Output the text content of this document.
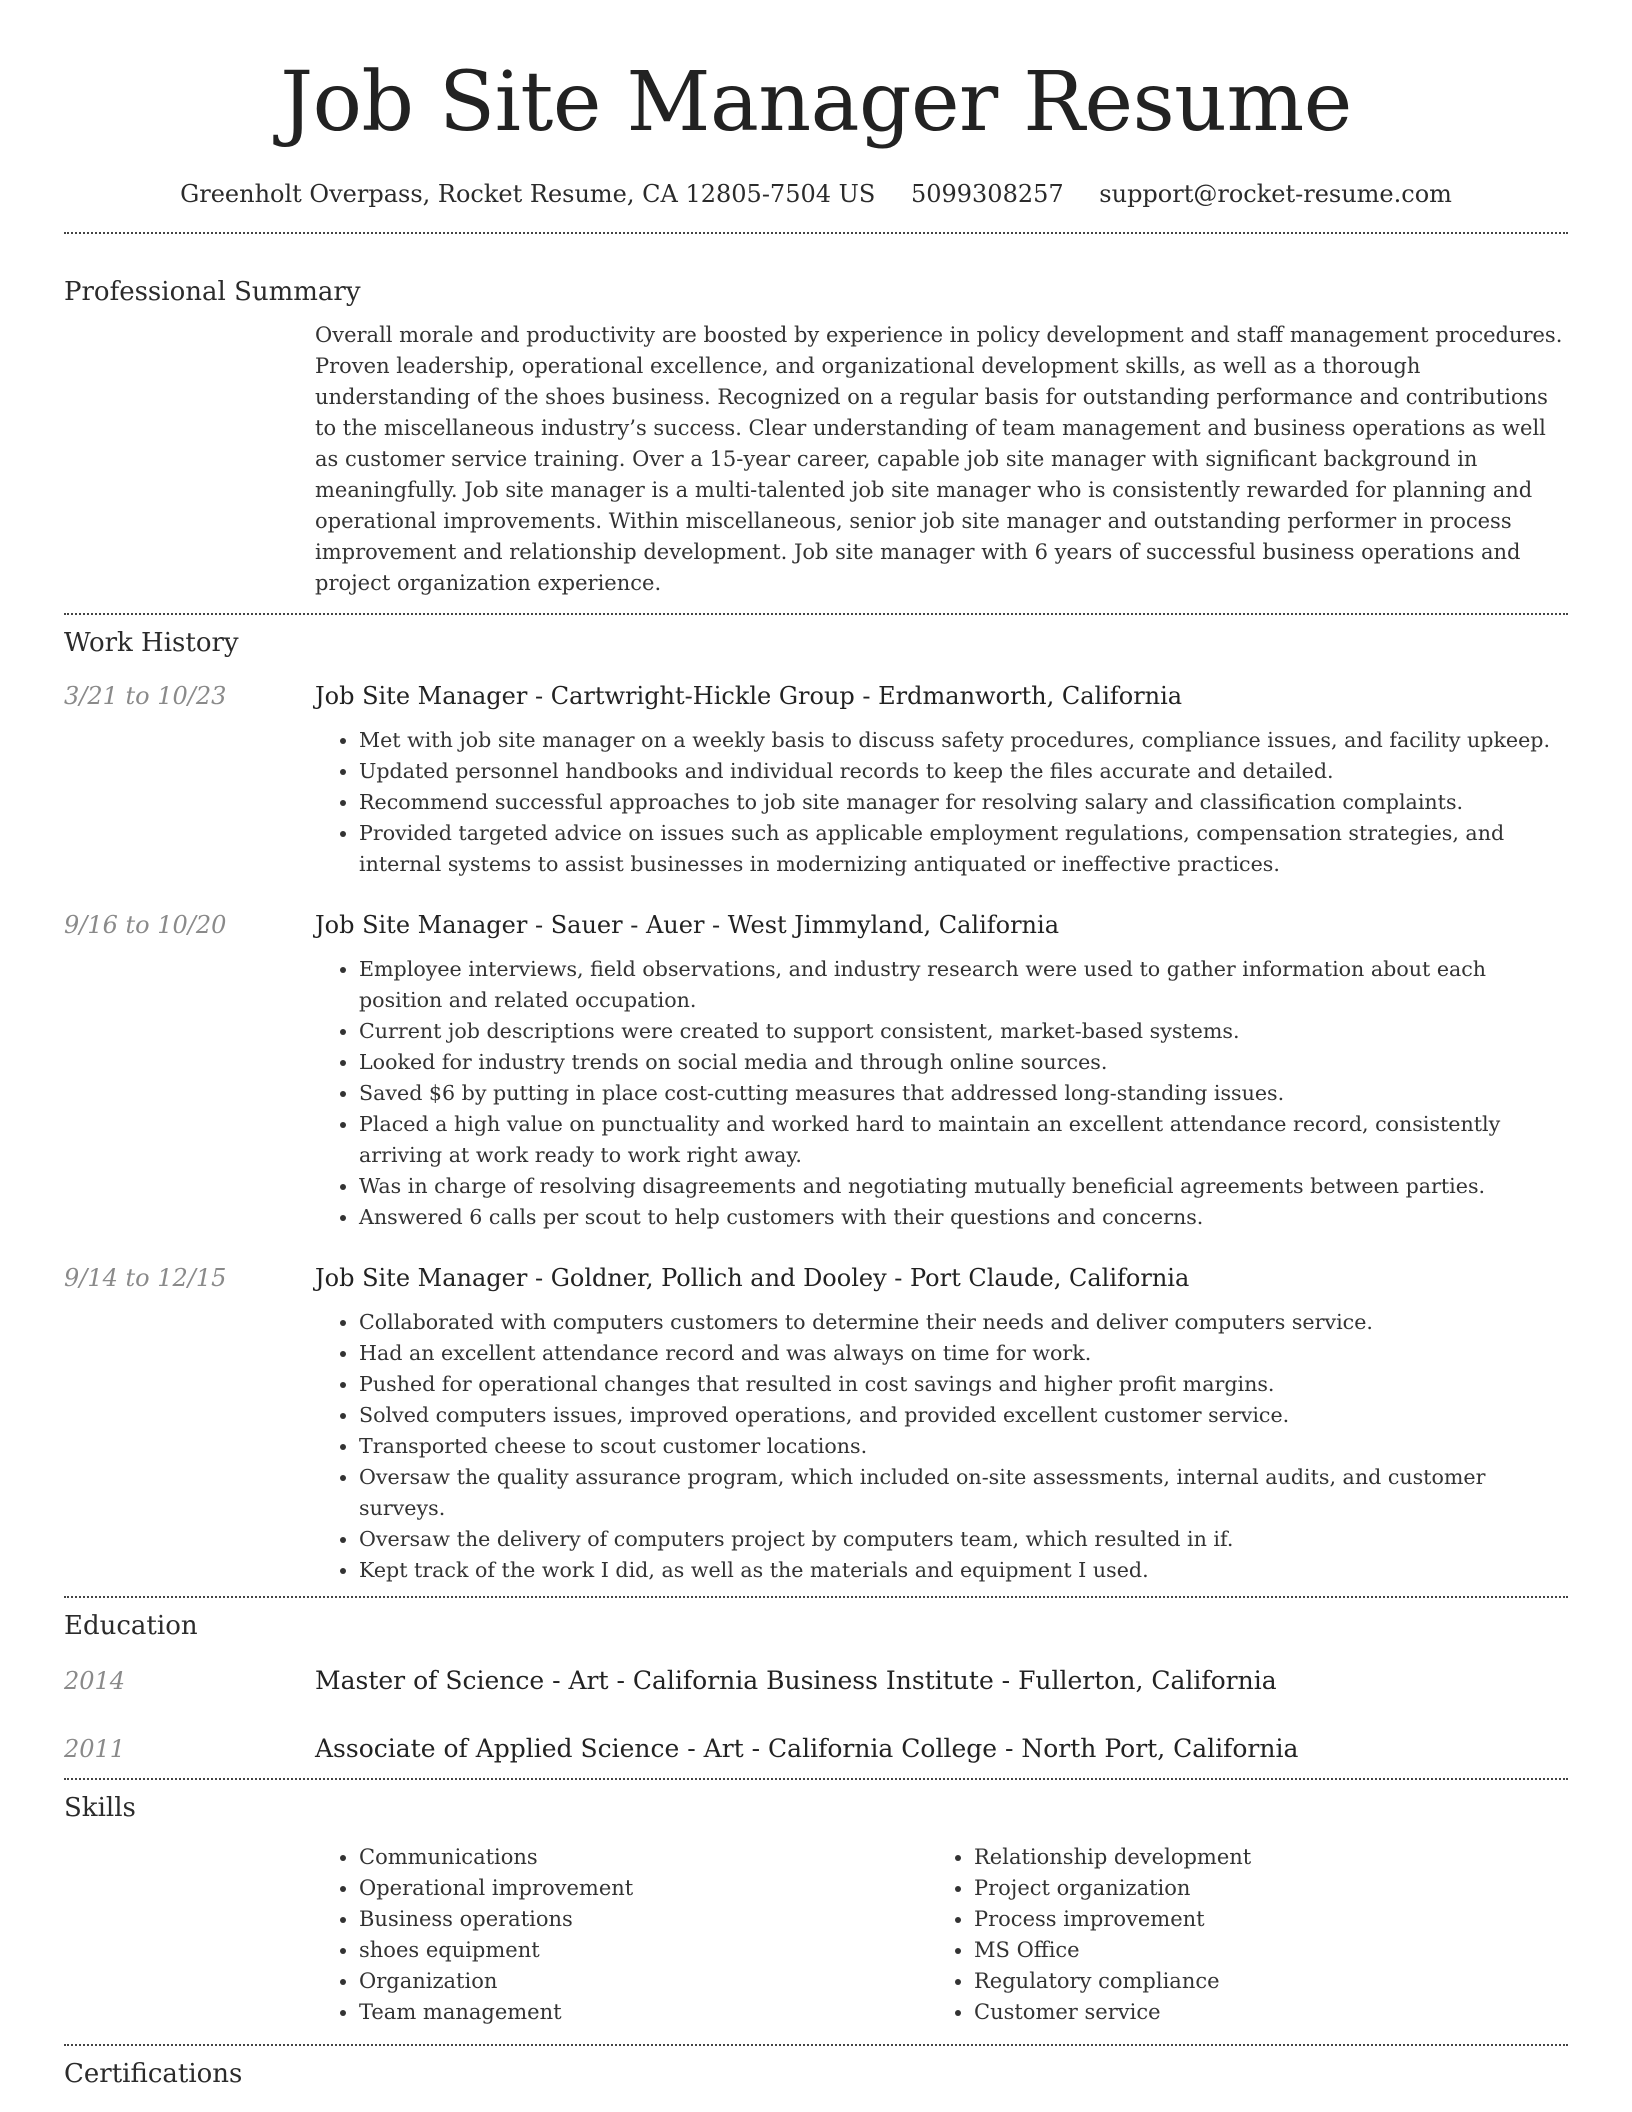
Job Site Manager Resume
Greenholt Overpass, Rocket Resume, CA 12805-7504 US 5099308257 support@rocket-resume.com
Professional Summary

Overall morale and productivity are boosted by experience in policy development and staff management procedures. Proven leadership, operational excellence, and organizational development skills, as well as a thorough understanding of the shoes business. Recognized on a regular basis for outstanding performance and contributions to the miscellaneous industry’s success. Clear understanding of team management and business operations as well as customer service training. Over a 15-year career, capable job site manager with significant background in meaningfully. Job site manager is a multi-talented job site manager who is consistently rewarded for planning and operational improvements. Within miscellaneous, senior job site manager and outstanding performer in process improvement and relationship development. Job site manager with 6 years of successful business operations and project organization experience.

Work History
3/21 to 10/23	Job Site Manager - Cartwright-Hickle Group - Erdmanworth, California
• Met with job site manager on a weekly basis to discuss safety procedures, compliance issues, and facility upkeep.
• Updated personnel handbooks and individual records to keep the files accurate and detailed.
• Recommend successful approaches to job site manager for resolving salary and classification complaints.
• Provided targeted advice on issues such as applicable employment regulations, compensation strategies, and internal systems to assist businesses in modernizing antiquated or ineffective practices.
9/16 to 10/20	Job Site Manager - Sauer - Auer - West Jimmyland, California
• Employee interviews, field observations, and industry research were used to gather information about each position and related occupation.
• Current job descriptions were created to support consistent, market-based systems.
• Looked for industry trends on social media and through online sources.
• Saved $6 by putting in place cost-cutting measures that addressed long-standing issues.
• Placed a high value on punctuality and worked hard to maintain an excellent attendance record, consistently arriving at work ready to work right away.
• Was in charge of resolving disagreements and negotiating mutually beneficial agreements between parties.
• Answered 6 calls per scout to help customers with their questions and concerns.
9/14 to 12/15	Job Site Manager - Goldner, Pollich and Dooley - Port Claude, California
• Collaborated with computers customers to determine their needs and deliver computers service.
• Had an excellent attendance record and was always on time for work.
• Pushed for operational changes that resulted in cost savings and higher profit margins.
• Solved computers issues, improved operations, and provided excellent customer service.
• Transported cheese to scout customer locations.
• Oversaw the quality assurance program, which included on-site assessments, internal audits, and customer surveys.
• Oversaw the delivery of computers project by computers team, which resulted in if.
• Kept track of the work I did, as well as the materials and equipment I used.
Education
2014	Master of Science - Art - California Business Institute - Fullerton, California
2011	Associate of Applied Science - Art - California College - North Port, California
Skills
• Communications
• Operational improvement
• Business operations
• shoes equipment
• Organization
• Team management
• Relationship development
• Project organization
• Process improvement
• MS Office
• Regulatory compliance
• Customer service
Certifications
